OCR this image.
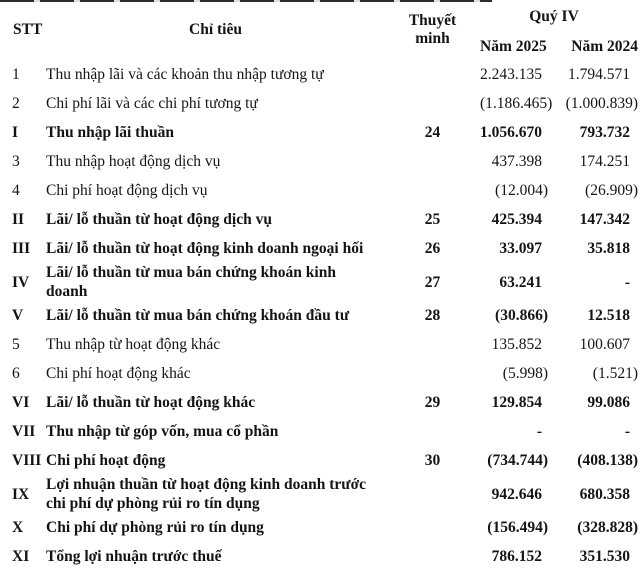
STT	Chỉ tiêu	Thuyết minh	Quý IV	
			Năm 2025	Năm 2024
1	Thu nhập lãi và các khoản thu nhập tương tự		2.243.135	1.794.571
2	Chi phí lãi và các chi phí tương tự		(1.186.465)	(1.000.839)
I	Thu nhập lãi thuần	24	1.056.670	793.732
3	Thu nhập hoạt động dịch vụ		437.398	174.251
4	Chi phí hoạt động dịch vụ		(12.004)	(26.909)
II	Lãi/ lỗ thuần từ hoạt động dịch vụ	25	425.394	147.342
III	Lãi/ lỗ thuần từ hoạt động kinh doanh ngoại hối	26	33.097	35.818
IV	Lãi/ lỗ thuần từ mua bán chứng khoán kinh doanh	27	63.241	-
V	Lãi/ lỗ thuần từ mua bán chứng khoán đầu tư	28	(30.866)	12.518
5	Thu nhập từ hoạt động khác		135.852	100.607
6	Chi phí hoạt động khác		(5.998)	(1.521)
VI	Lãi/ lỗ thuần từ hoạt động khác	29	129.854	99.086
VII	Thu nhập từ góp vốn, mua cổ phần		-	-
VIII	Chi phí hoạt động	30	(734.744)	(408.138)
IX	Lợi nhuận thuần từ hoạt động kinh doanh trước chi phí dự phòng rủi ro tín dụng		942.646	680.358
X	Chi phí dự phòng rủi ro tín dụng		(156.494)	(328.828)
XI	Tổng lợi nhuận trước thuế		786.152	351.530
